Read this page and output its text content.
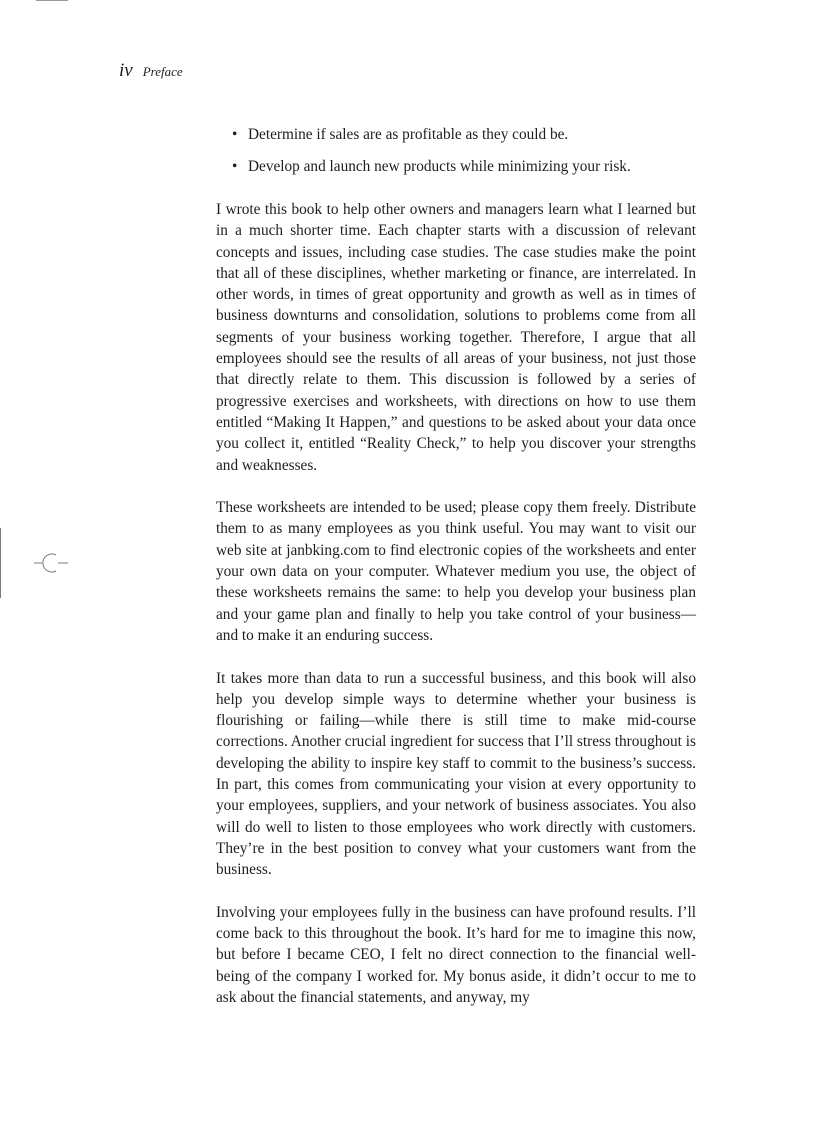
iv Preface
• Determine if sales are as profitable as they could be.
• Develop and launch new products while minimizing your risk.

I wrote this book to help other owners and managers learn what I learned but in a much shorter time. Each chapter starts with a discussion of relevant concepts and issues, including case studies. The case studies make the point that all of these disciplines, whether marketing or finance, are interrelated. In other words, in times of great opportunity and growth as well as in times of business downturns and consolidation, solutions to problems come from all segments of your business working together. Therefore, I argue that all employees should see the results of all areas of your business, not just those that directly relate to them. This discussion is followed by a series of progressive exercises and worksheets, with directions on how to use them entitled “Making It Happen,” and questions to be asked about your data once you collect it, entitled “Reality Check,” to help you discover your strengths and weaknesses.

These worksheets are intended to be used; please copy them freely. Distribute them to as many employees as you think useful. You may want to visit our web site at janbking.com to find electronic copies of the worksheets and enter your own data on your computer. Whatever medium you use, the object of these worksheets remains the same: to help you develop your business plan and your game plan and finally to help you take control of your business—and to make it an enduring success.

It takes more than data to run a successful business, and this book will also help you develop simple ways to determine whether your business is flourishing or failing—while there is still time to make mid-course corrections. Another crucial ingredient for success that I’ll stress throughout is developing the ability to inspire key staff to commit to the business’s success. In part, this comes from communicating your vision at every opportunity to your employees, suppliers, and your network of business associates. You also will do well to listen to those employees who work directly with customers. They’re in the best position to convey what your customers want from the business.

Involving your employees fully in the business can have profound results. I’ll come back to this throughout the book. It’s hard for me to imagine this now, but before I became CEO, I felt no direct connection to the financial well-being of the company I worked for. My bonus aside, it didn’t occur to me to ask about the financial statements, and anyway, my
